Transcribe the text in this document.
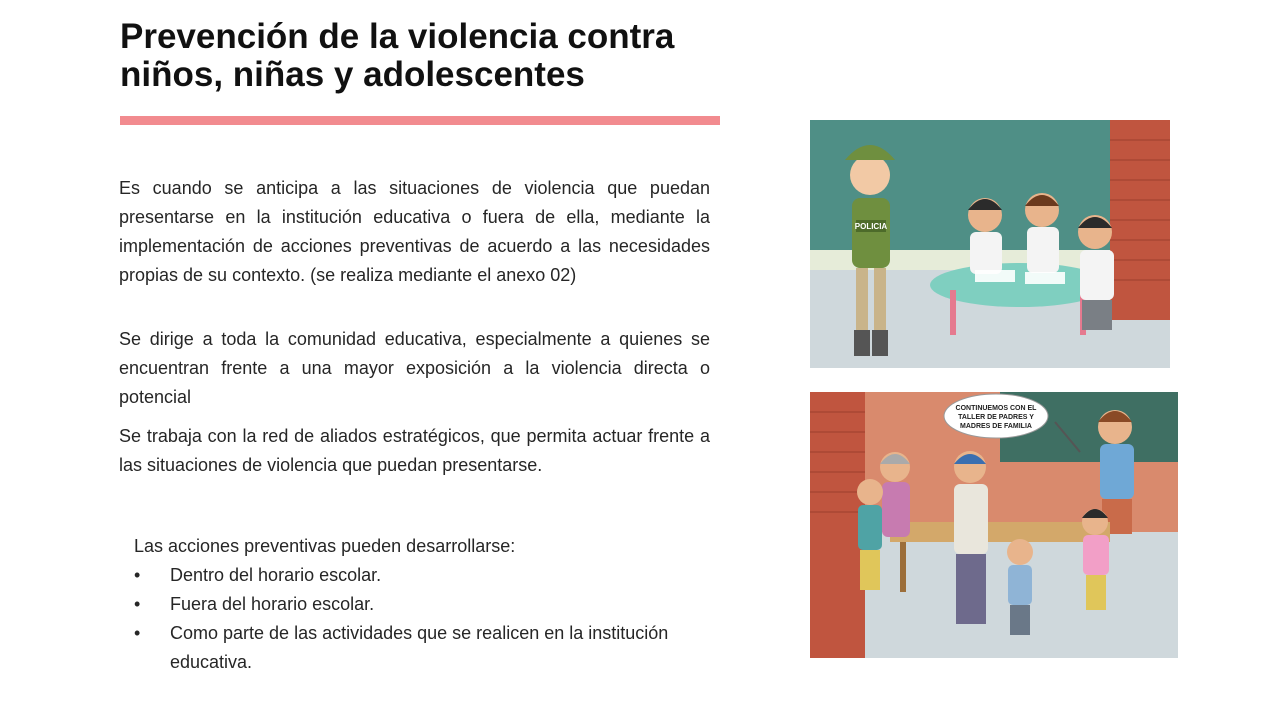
Prevención de la violencia contra niños, niñas y adolescentes

Es cuando se anticipa a las situaciones de violencia que puedan presentarse en la institución educativa o fuera de ella, mediante la implementación de acciones preventivas de acuerdo a las necesidades propias de su contexto. (se realiza mediante el anexo 02)

Se dirige a toda la comunidad educativa, especialmente a quienes se encuentran frente a una mayor exposición a la violencia directa o potencial

Se trabaja con la red de aliados estratégicos, que permita actuar frente a las situaciones de violencia que puedan presentarse.

Las acciones preventivas pueden desarrollarse:
• Dentro del horario escolar.
• Fuera del horario escolar.
• Como parte de las actividades que se realicen en la institución educativa.
POLICIA
CONTINUEMOS CON EL
TALLER DE PADRES Y
MADRES DE FAMILIA
